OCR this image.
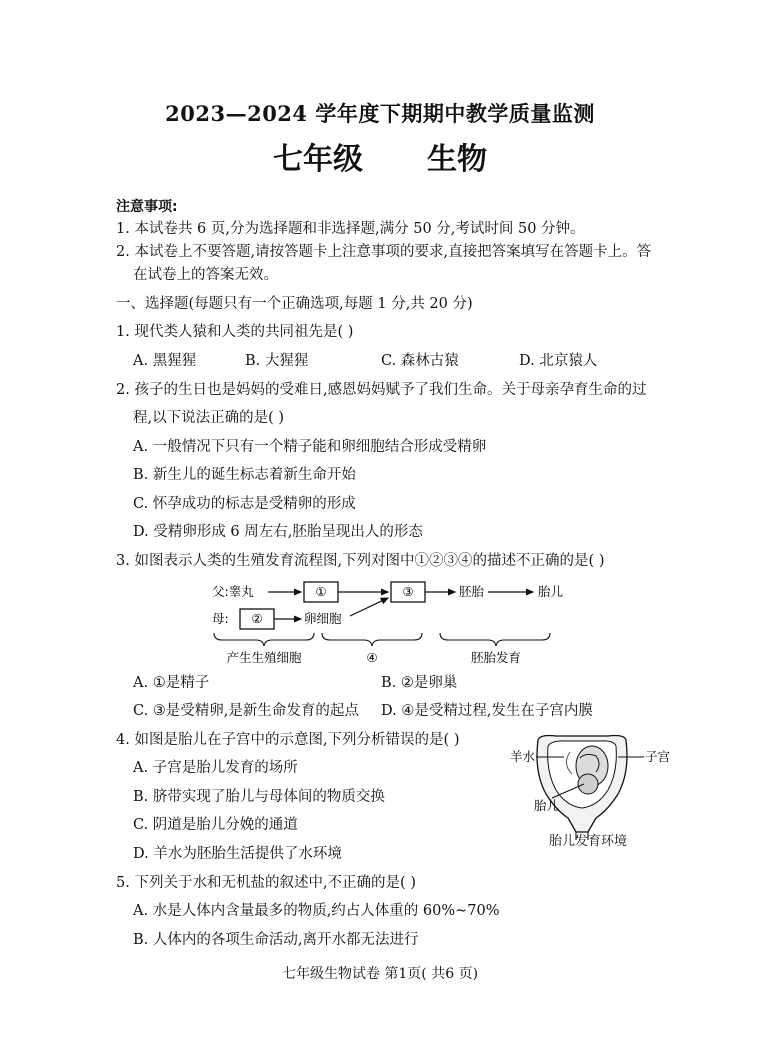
2023—2024 学年度下期期中教学质量监测
七年级 生物
注意事项:
1. 本试卷共 6 页,分为选择题和非选择题,满分 50 分,考试时间 50 分钟。
2. 本试卷上不要答题,请按答题卡上注意事项的要求,直接把答案填写在答题卡上。答
在试卷上的答案无效。
一、选择题(每题只有一个正确选项,每题 1 分,共 20 分)
1. 现代类人猿和人类的共同祖先是( )
A. 黑猩猩	B. 大猩猩	C. 森林古猿	D. 北京猿人
2. 孩子的生日也是妈妈的受难日,感恩妈妈赋予了我们生命。关于母亲孕育生命的过
程,以下说法正确的是( )
A. 一般情况下只有一个精子能和卵细胞结合形成受精卵
B. 新生儿的诞生标志着新生命开始
C. 怀孕成功的标志是受精卵的形成
D. 受精卵形成 6 周左右,胚胎呈现出人的形态
3. 如图表示人类的生殖发育流程图,下列对图中①②③④的描述不正确的是( )
父:睾丸	①	③	胚胎	胎儿
母: ②	卵细胞
产生生殖细胞	④	胚胎发育
A. ①是精子	B. ②是卵巢
C. ③是受精卵,是新生命发育的起点 D. ④是受精过程,发生在子宫内膜
4. 如图是胎儿在子宫中的示意图,下列分析错误的是( )
A. 子宫是胎儿发育的场所
B. 脐带实现了胎儿与母体间的物质交换
C. 阴道是胎儿分娩的通道
D. 羊水为胚胎生活提供了水环境
羊水	子宫
胎儿
胎儿发育环境
5. 下列关于水和无机盐的叙述中,不正确的是( )
A. 水是人体内含量最多的物质,约占人体重的 60%~70%
B. 人体内的各项生命活动,离开水都无法进行
七年级生物试卷 第1页( 共6 页)
